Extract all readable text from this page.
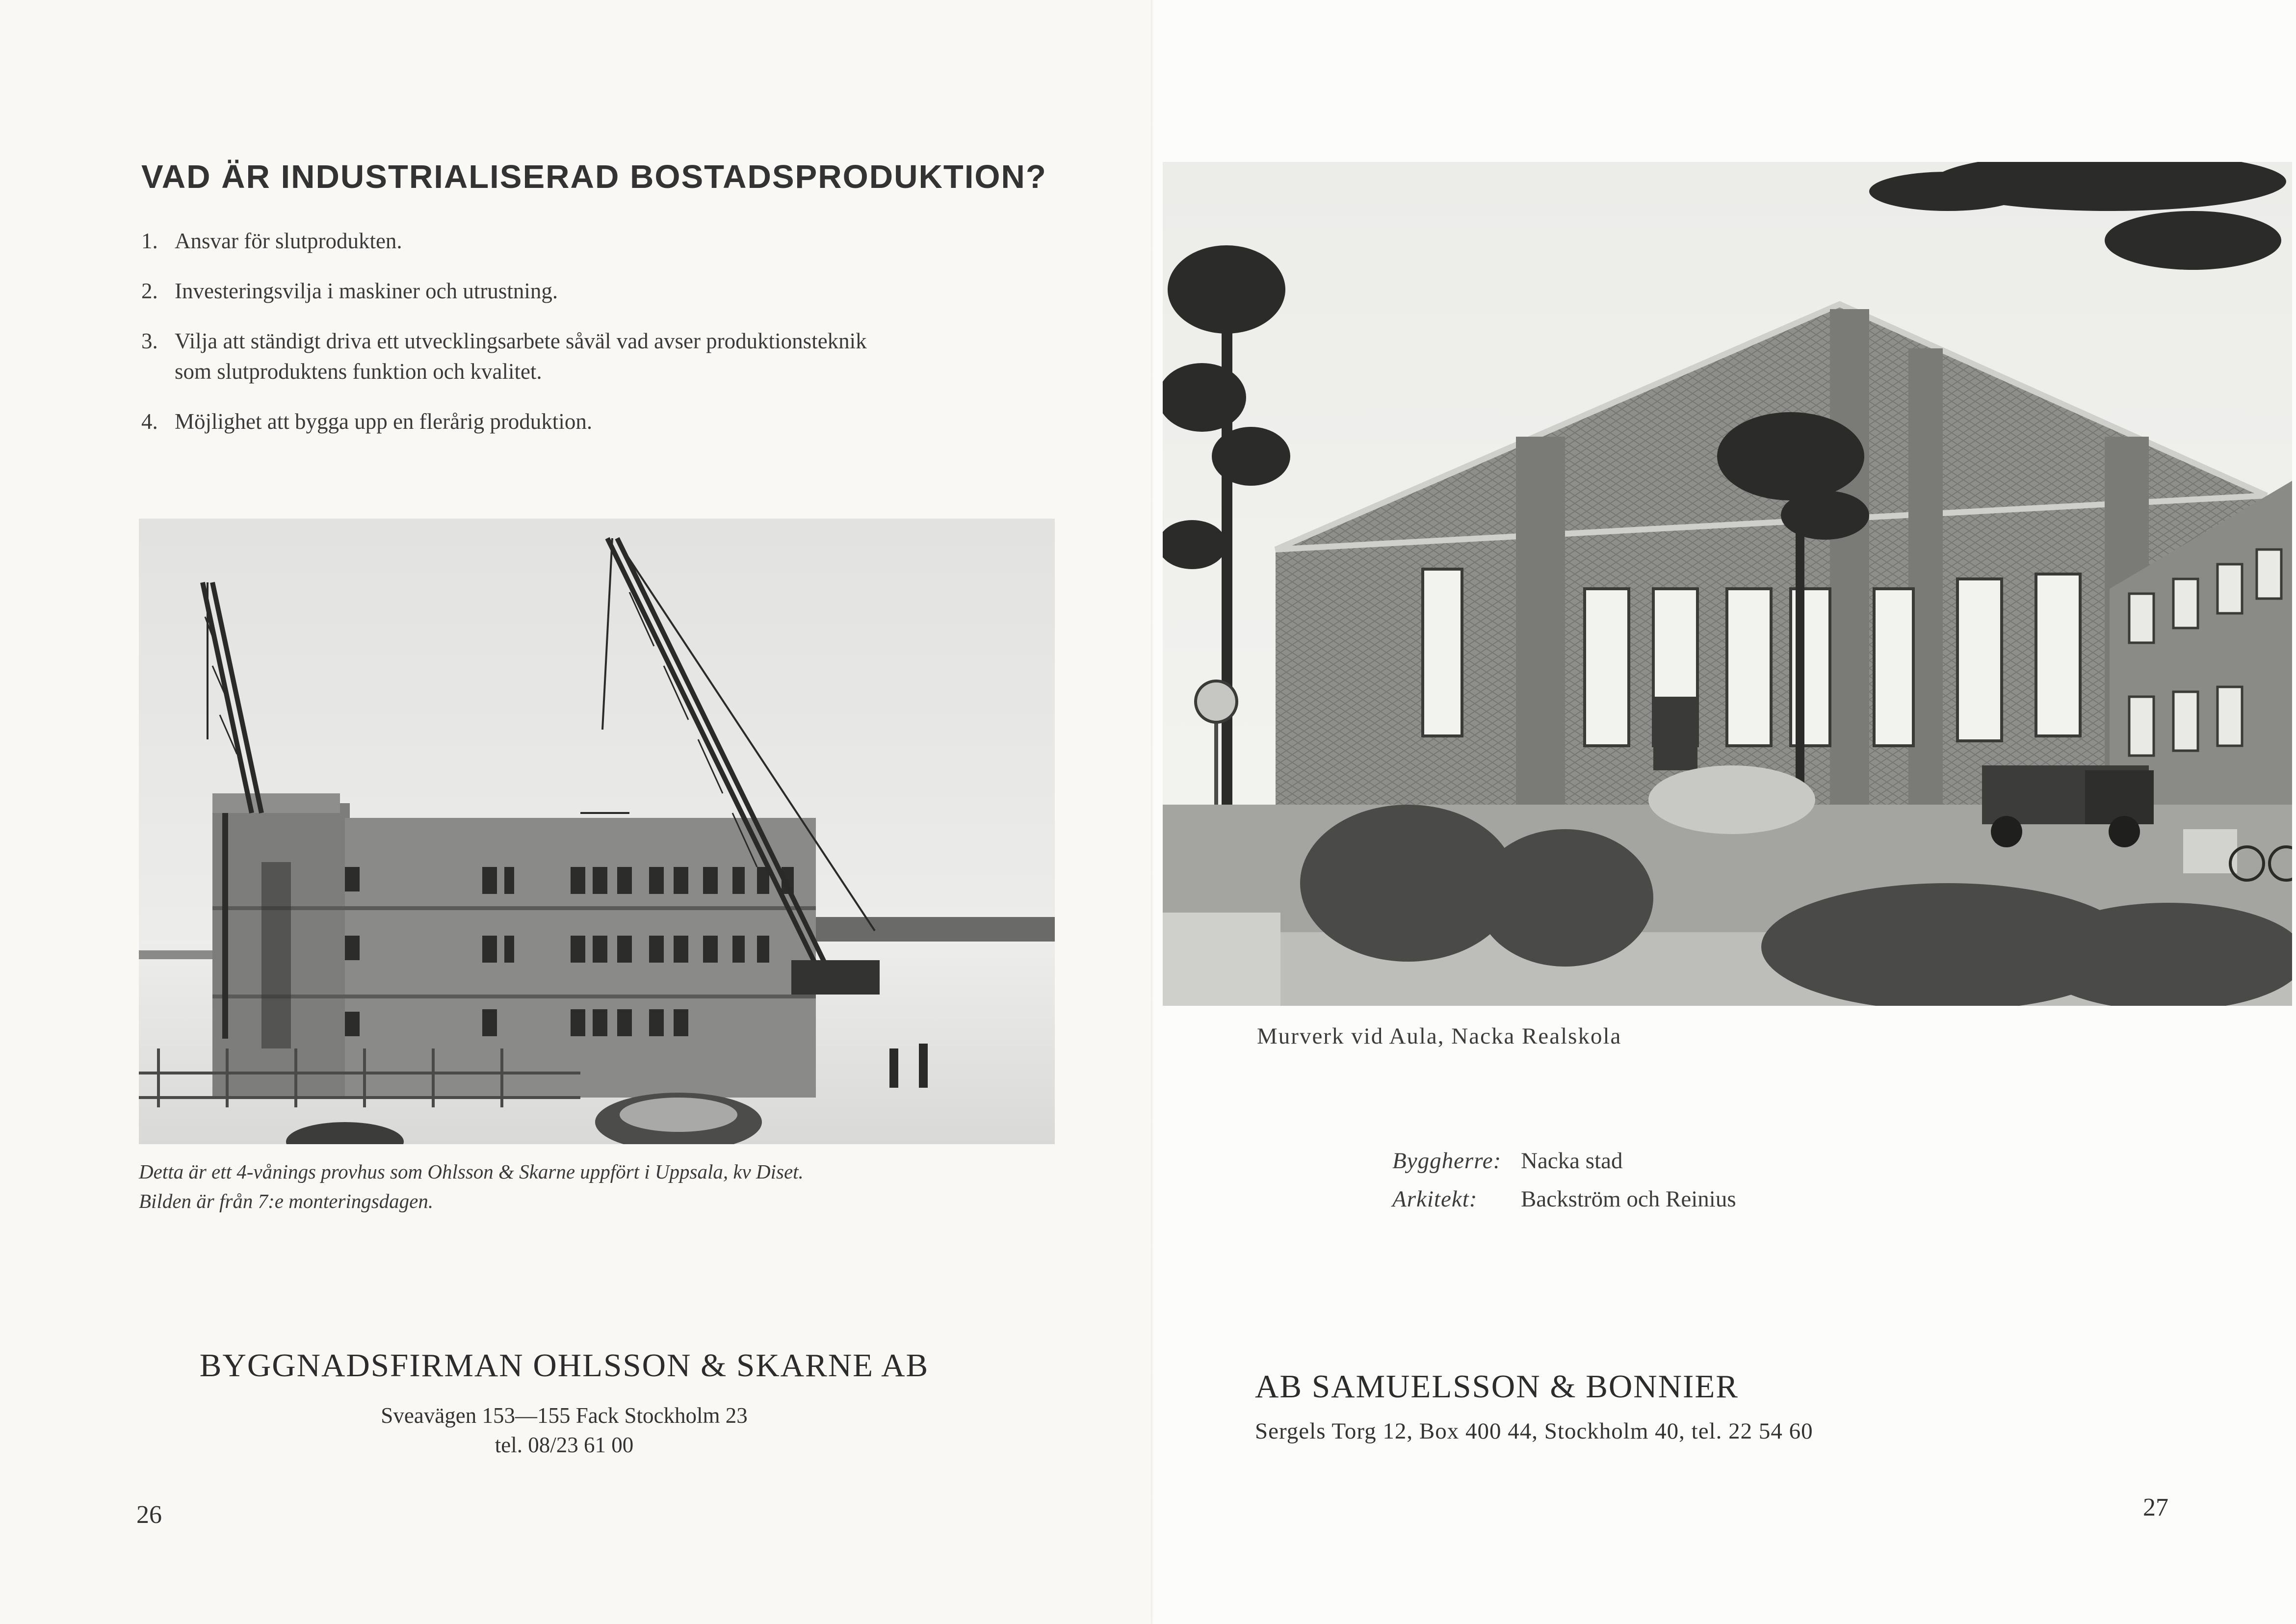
VAD ÄR INDUSTRIALISERAD BOSTADSPRODUKTION?
1. Ansvar för slutprodukten.
2. Investeringsvilja i maskiner och utrustning.
3. Vilja att ständigt driva ett utvecklingsarbete såväl vad avser produktionsteknik
som slutproduktens funktion och kvalitet.
4. Möjlighet att bygga upp en flerårig produktion.
Detta är ett 4-vånings provhus som Ohlsson & Skarne uppfört i Uppsala, kv Diset.
Bilden är från 7:e monteringsdagen.
BYGGNADSFIRMAN OHLSSON & SKARNE AB
Sveavägen 153—155 Fack Stockholm 23
tel. 08/23 61 00
26
Murverk vid Aula, Nacka Realskola
Byggherre: Nacka stad
Arkitekt:	Backström och Reinius
AB SAMUELSSON & BONNIER
Sergels Torg 12, Box 400 44, Stockholm 40, tel. 22 54 60
27
